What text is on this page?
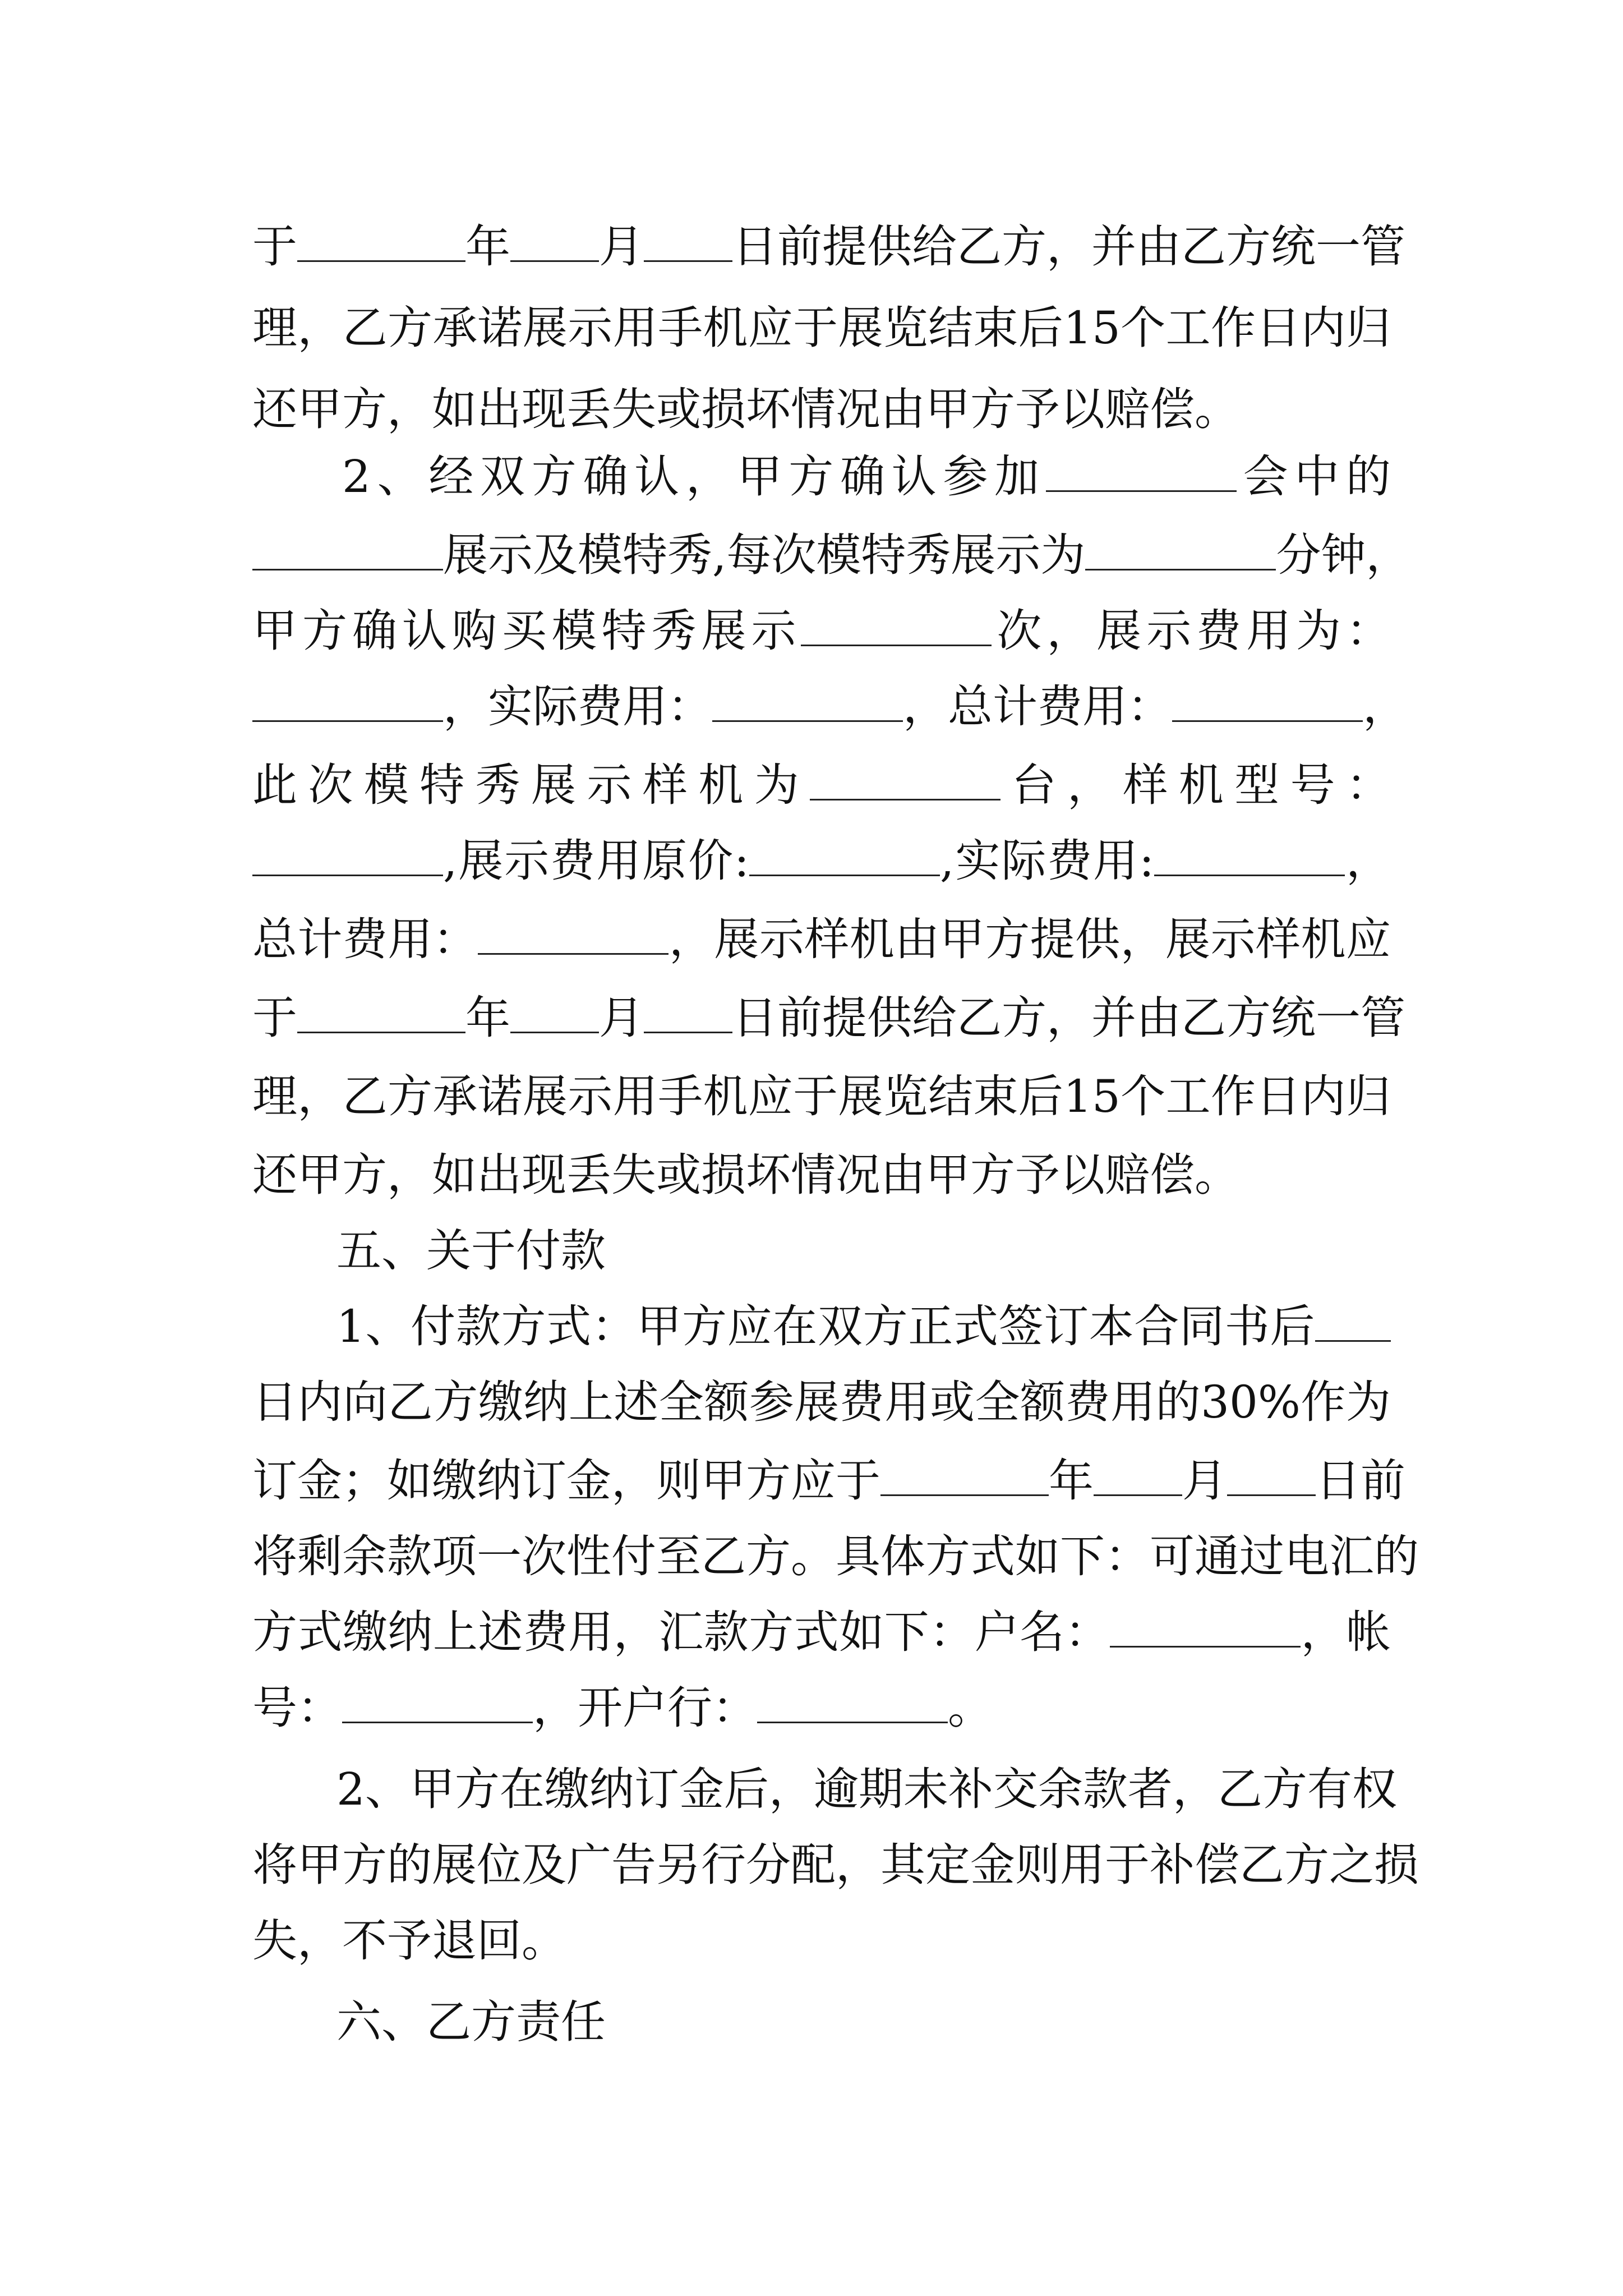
于	年 月 日前提供给乙方，并由乙方统一管
理，乙方承诺展示用手机应于展览结束后15个工作日内归
还甲方，如出现丢失或损坏情况由甲方予以赔偿。
2、经双方确认，甲方确认参加	会中的
展示及模特秀,每次模特秀展示为	分钟，
甲方确认购买模特秀展示	次，展示费用为：
，实际费用：	，总计费用：	，
此次模特秀展示样机为	台，样机型号：
,展示费用原价:	,实际费用:	，
总计费用：	，展示样机由甲方提供，展示样机应
于	年 月 日前提供给乙方，并由乙方统一管
理，乙方承诺展示用手机应于展览结束后15个工作日内归
还甲方，如出现丢失或损坏情况由甲方予以赔偿。
五、关于付款
1、付款方式：甲方应在双方正式签订本合同书后
日内向乙方缴纳上述全额参展费用或全额费用的30%作为
订金；如缴纳订金，则甲方应于	年 月 日前
将剩余款项一次性付至乙方。具体方式如下：可通过电汇的
方式缴纳上述费用，汇款方式如下：户名：	，帐
号：	，开户行：	。
2、甲方在缴纳订金后，逾期未补交余款者，乙方有权
将甲方的展位及广告另行分配，其定金则用于补偿乙方之损
失，不予退回。
六、乙方责任
